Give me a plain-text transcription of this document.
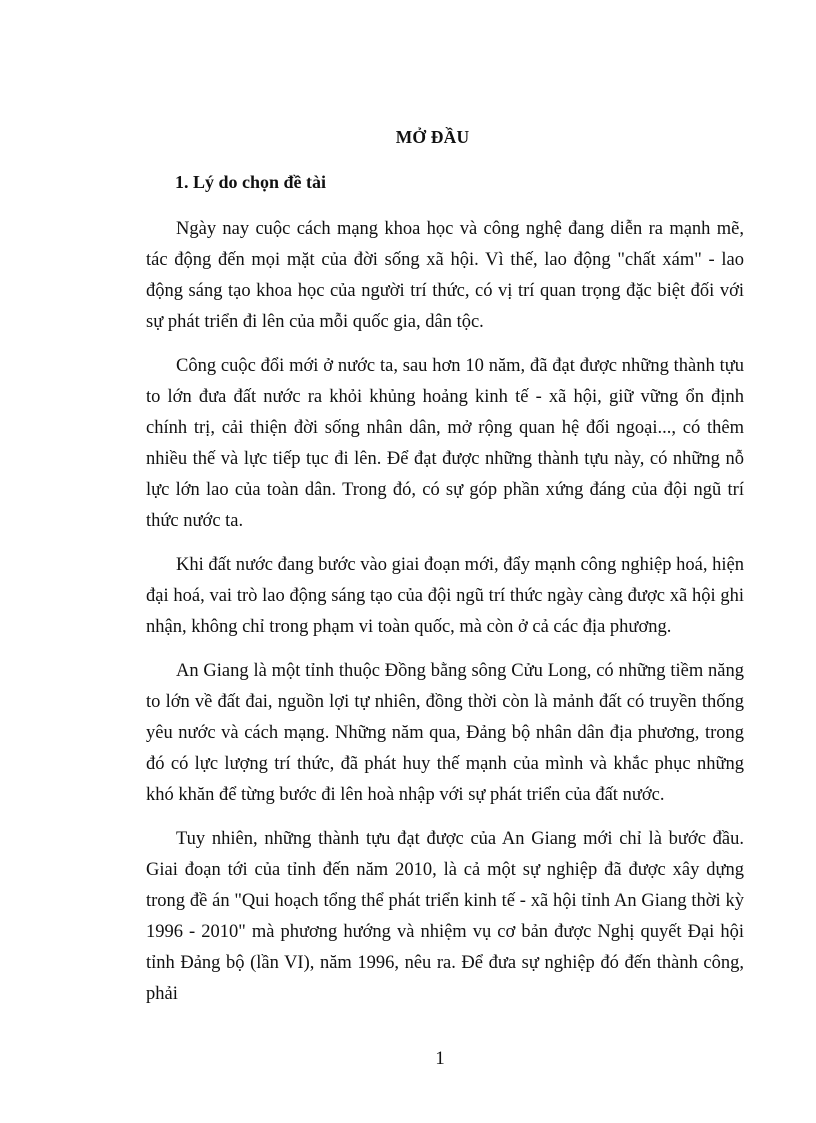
MỞ ĐẦU
1. Lý do chọn đề tài

Ngày nay cuộc cách mạng khoa học và công nghệ đang diễn ra mạnh mẽ, tác động đến mọi mặt của đời sống xã hội. Vì thế, lao động "chất xám" - lao động sáng tạo khoa học của người trí thức, có vị trí quan trọng đặc biệt đối với sự phát triển đi lên của mỗi quốc gia, dân tộc.

Công cuộc đổi mới ở nước ta, sau hơn 10 năm, đã đạt được những thành tựu to lớn đưa đất nước ra khỏi khủng hoảng kinh tế - xã hội, giữ vững ổn định chính trị, cải thiện đời sống nhân dân, mở rộng quan hệ đối ngoại..., có thêm nhiều thế và lực tiếp tục đi lên. Để đạt được những thành tựu này, có những nỗ lực lớn lao của toàn dân. Trong đó, có sự góp phần xứng đáng của đội ngũ trí thức nước ta.

Khi đất nước đang bước vào giai đoạn mới, đẩy mạnh công nghiệp hoá, hiện đại hoá, vai trò lao động sáng tạo của đội ngũ trí thức ngày càng được xã hội ghi nhận, không chỉ trong phạm vi toàn quốc, mà còn ở cả các địa phương.

An Giang là một tỉnh thuộc Đồng bằng sông Cửu Long, có những tiềm năng to lớn về đất đai, nguồn lợi tự nhiên, đồng thời còn là mảnh đất có truyền thống yêu nước và cách mạng. Những năm qua, Đảng bộ nhân dân địa phương, trong đó có lực lượng trí thức, đã phát huy thế mạnh của mình và khắc phục những khó khăn để từng bước đi lên hoà nhập với sự phát triển của đất nước.

Tuy nhiên, những thành tựu đạt được của An Giang mới chỉ là bước đầu. Giai đoạn tới của tỉnh đến năm 2010, là cả một sự nghiệp đã được xây dựng trong đề án "Qui hoạch tổng thể phát triển kinh tế - xã hội tỉnh An Giang thời kỳ 1996 - 2010" mà phương hướng và nhiệm vụ cơ bản được Nghị quyết Đại hội tỉnh Đảng bộ (lần VI), năm 1996, nêu ra. Để đưa sự nghiệp đó đến thành công, phải

1
